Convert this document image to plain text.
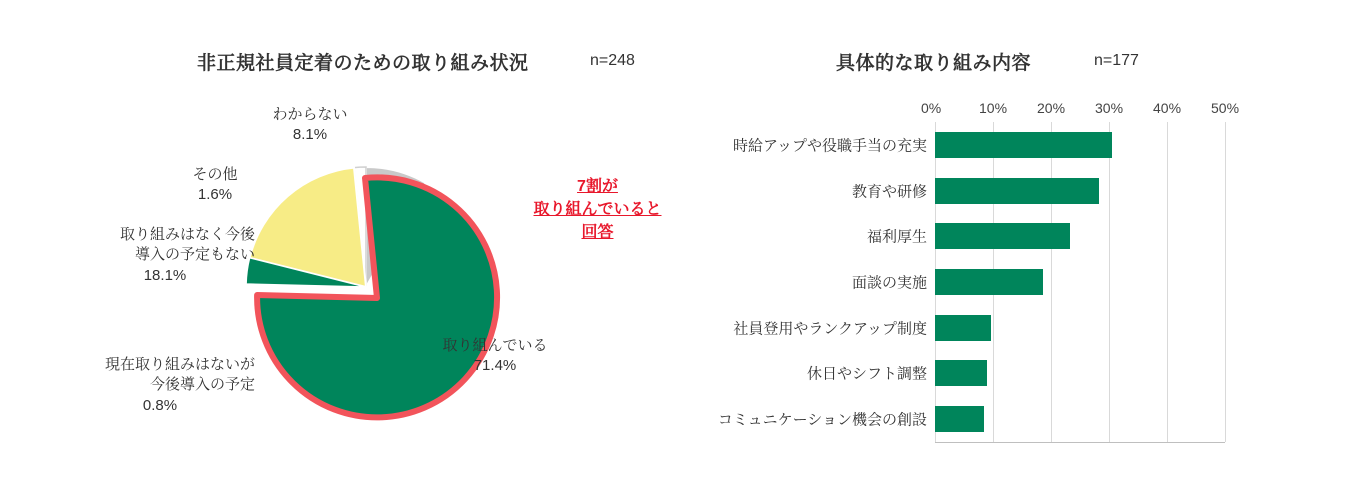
非正規社員定着のための取り組み状況	n=248
わからない
8.1%
その他
1.6%
取り組みはなく今後
導入の予定もない
18.1%
現在取り組みはないが
今後導入の予定
0.8%
取り組んでいる
71.4%
7割が
取り組んでいると
回答
具体的な取り組み内容	n=177
時給アップや役職手当の充実
教育や研修
福利厚生
面談の実施
社員登用やランクアップ制度
休日やシフト調整
コミュニケーション機会の創設
0%	10% 20% 30% 40% 50%
